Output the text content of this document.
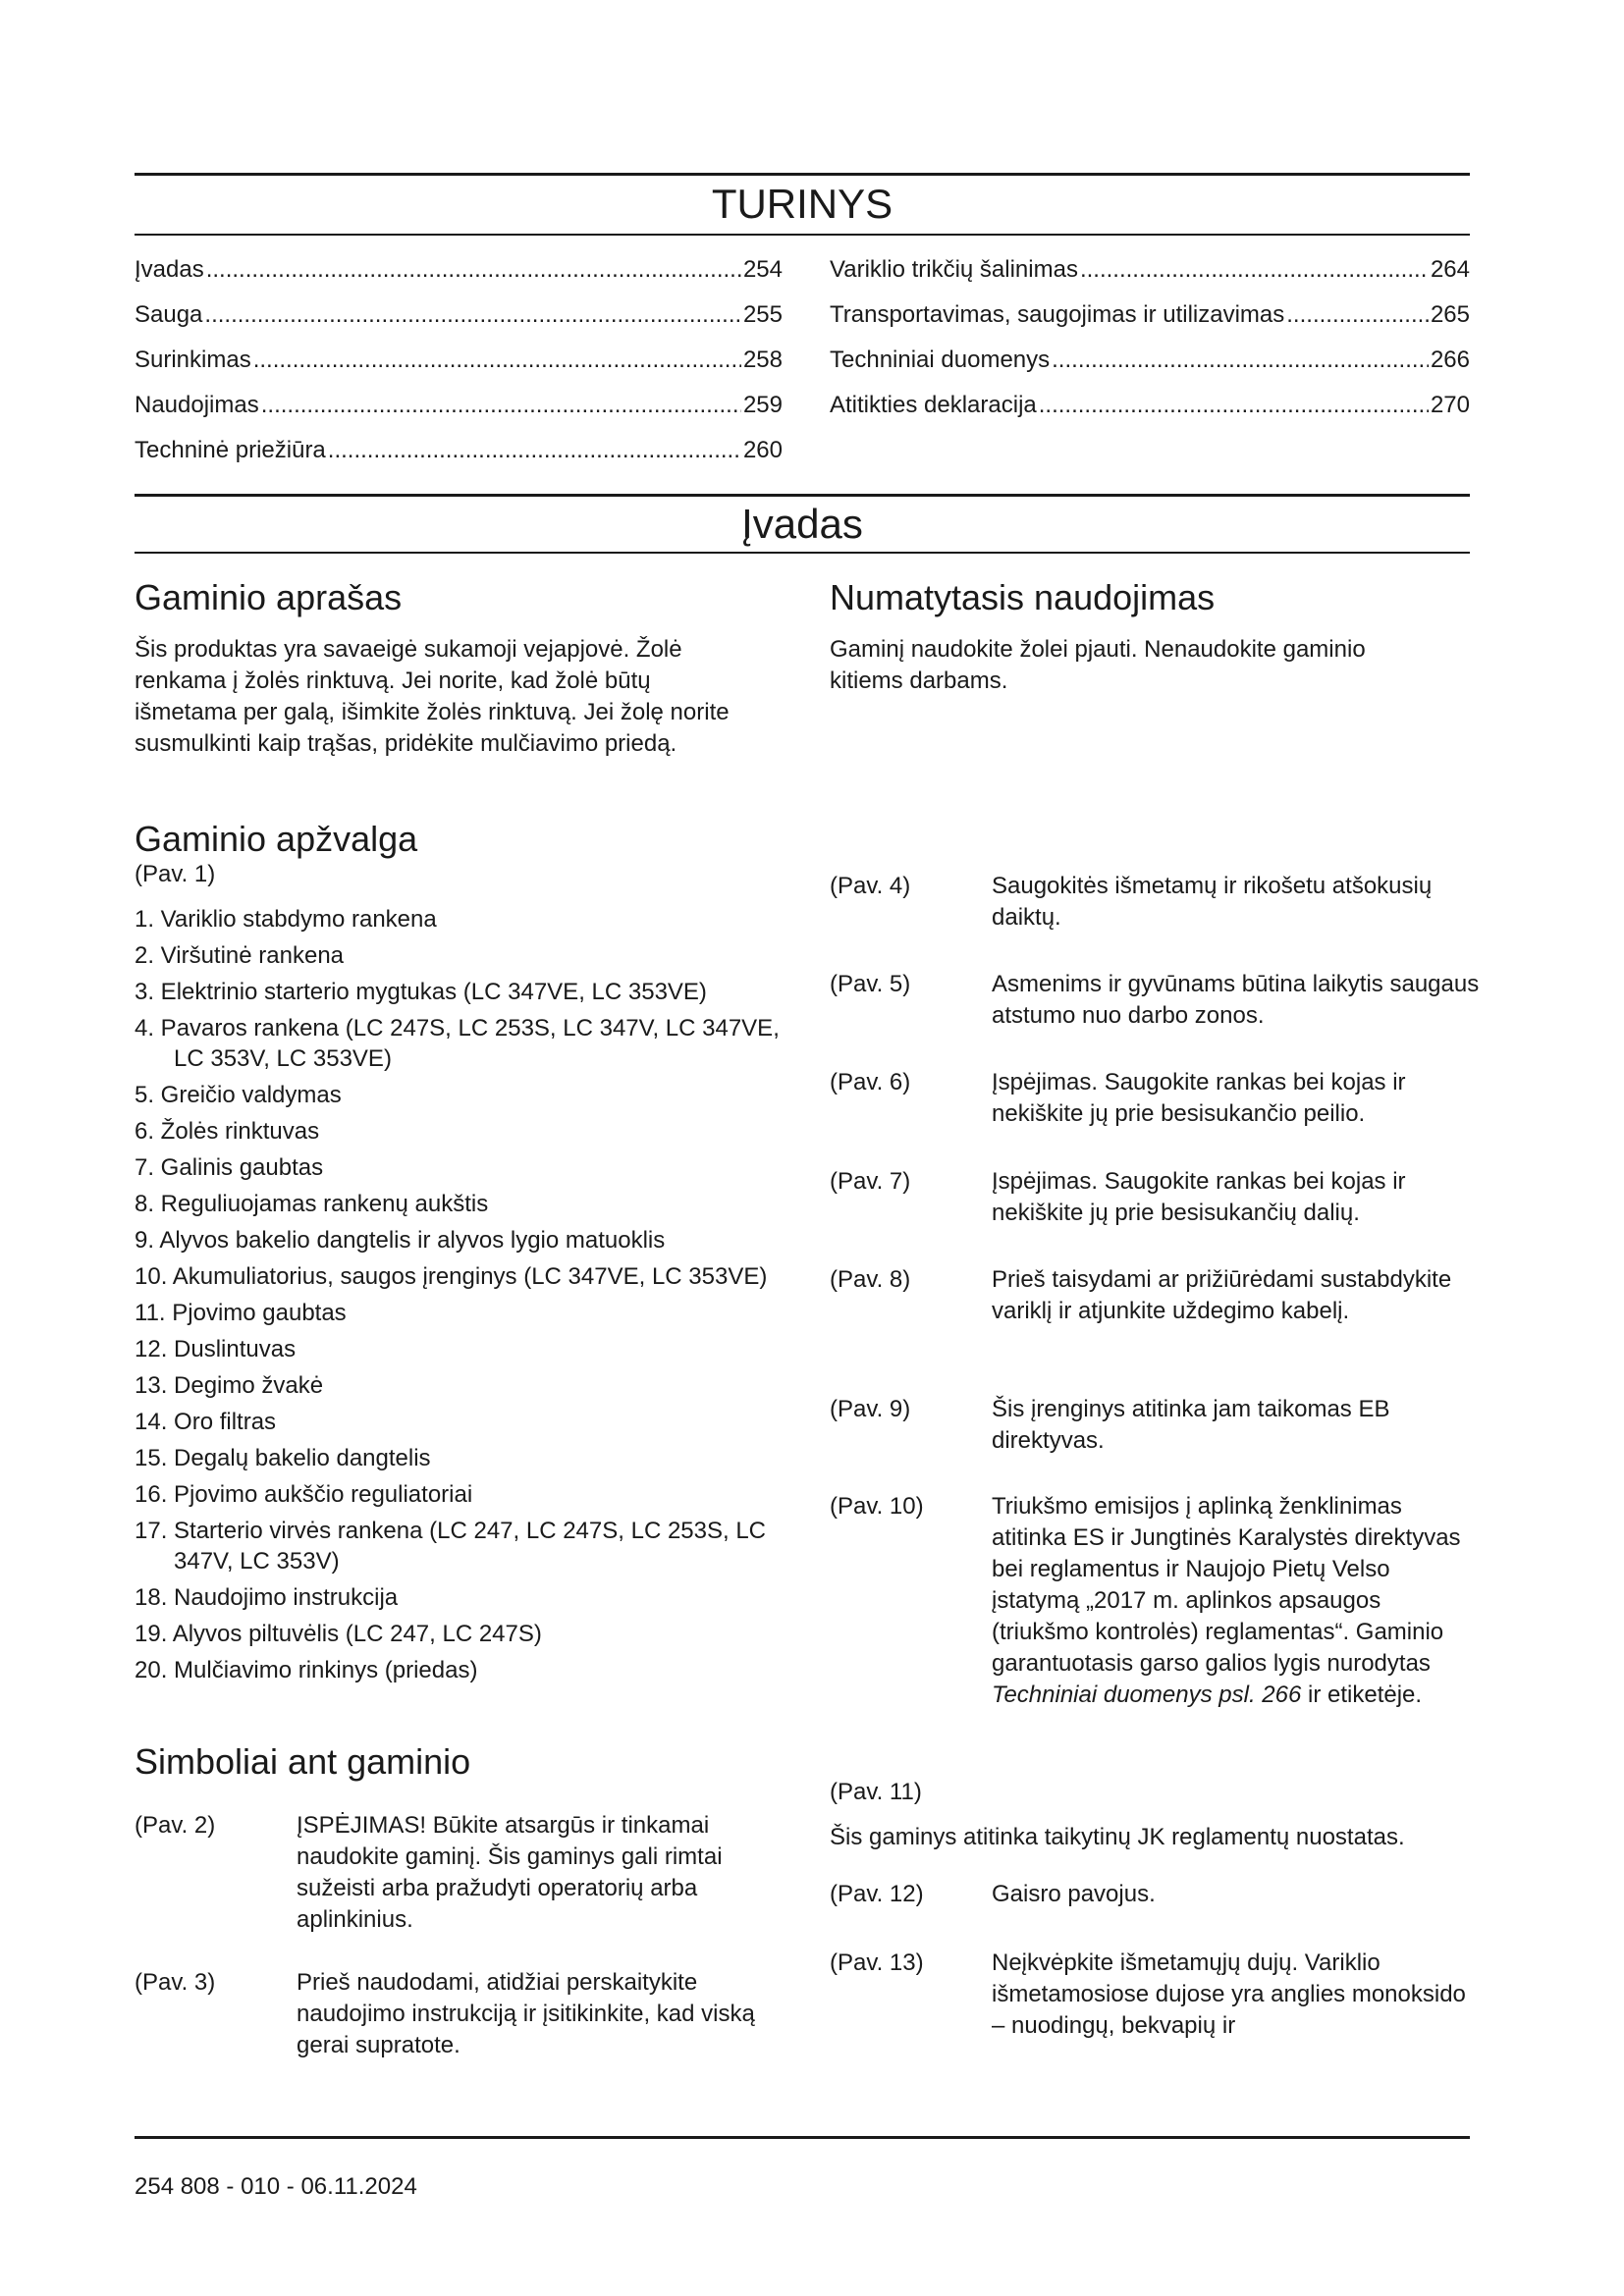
TURINYS
Įvadas .....	254
Sauga .....	255
Surinkimas .....	258
Naudojimas .....	259
Techninė priežiūra .....	260
Variklio trikčių šalinimas .....	264
Transportavimas, saugojimas ir utilizavimas .....	265
Techniniai duomenys .....	266
Atitikties deklaracija .....	270
Įvadas
Gaminio aprašas

Šis produktas yra savaeigė sukamoji vejapjovė. Žolė renkama į žolės rinktuvą. Jei norite, kad žolė būtų išmetama per galą, išimkite žolės rinktuvą. Jei žolę norite susmulkinti kaip trąšas, pridėkite mulčiavimo priedą.

Numatytasis naudojimas

Gaminį naudokite žolei pjauti. Nenaudokite gaminio kitiems darbams.

Gaminio apžvalga

(Pav. 1)

1. Variklio stabdymo rankena
2. Viršutinė rankena
3. Elektrinio starterio mygtukas (LC 347VE, LC 353VE)
4. Pavaros rankena (LC 247S, LC 253S, LC 347V, LC 347VE, LC 353V, LC 353VE)
5. Greičio valdymas
6. Žolės rinktuvas
7. Galinis gaubtas
8. Reguliuojamas rankenų aukštis
9. Alyvos bakelio dangtelis ir alyvos lygio matuoklis
10. Akumuliatorius, saugos įrenginys (LC 347VE, LC 353VE)
11. Pjovimo gaubtas
12. Duslintuvas
13. Degimo žvakė
14. Oro filtras
15. Degalų bakelio dangtelis
16. Pjovimo aukščio reguliatoriai
17. Starterio virvės rankena (LC 247, LC 247S, LC 253S, LC 347V, LC 353V)
18. Naudojimo instrukcija
19. Alyvos piltuvėlis (LC 247, LC 247S)
20. Mulčiavimo rinkinys (priedas)
Simboliai ant gaminio
(Pav. 2)	ĮSPĖJIMAS! Būkite atsargūs ir tinkamai naudokite gaminį. Šis gaminys gali rimtai sužeisti arba pražudyti operatorių arba aplinkinius.
(Pav. 3)	Prieš naudodami, atidžiai perskaitykite naudojimo instrukciją ir įsitikinkite, kad viską gerai supratote.
(Pav. 4)	Saugokitės išmetamų ir rikošetu atšokusių daiktų.
(Pav. 5)	Asmenims ir gyvūnams būtina laikytis saugaus atstumo nuo darbo zonos.
(Pav. 6)	Įspėjimas. Saugokite rankas bei kojas ir nekiškite jų prie besisukančio peilio.
(Pav. 7)	Įspėjimas. Saugokite rankas bei kojas ir nekiškite jų prie besisukančių dalių.
(Pav. 8)	Prieš taisydami ar prižiūrėdami sustabdykite variklį ir atjunkite uždegimo kabelį.
(Pav. 9)	Šis įrenginys atitinka jam taikomas EB direktyvas.
(Pav. 10)	Triukšmo emisijos į aplinką ženklinimas atitinka ES ir Jungtinės Karalystės direktyvas bei reglamentus ir Naujojo Pietų Velso įstatymą „2017 m. aplinkos apsaugos (triukšmo kontrolės) reglamentas“. Gaminio garantuotasis garso galios lygis nurodytas Techniniai duomenys psl. 266 ir etiketėje.
(Pav. 11)
Šis gaminys atitinka taikytinų JK reglamentų nuostatas.
(Pav. 12)	Gaisro pavojus.
(Pav. 13)	Neįkvėpkite išmetamųjų dujų. Variklio išmetamosiose dujose yra anglies monoksido – nuodingų, bekvapių ir
254 808 - 010 - 06.11.2024
